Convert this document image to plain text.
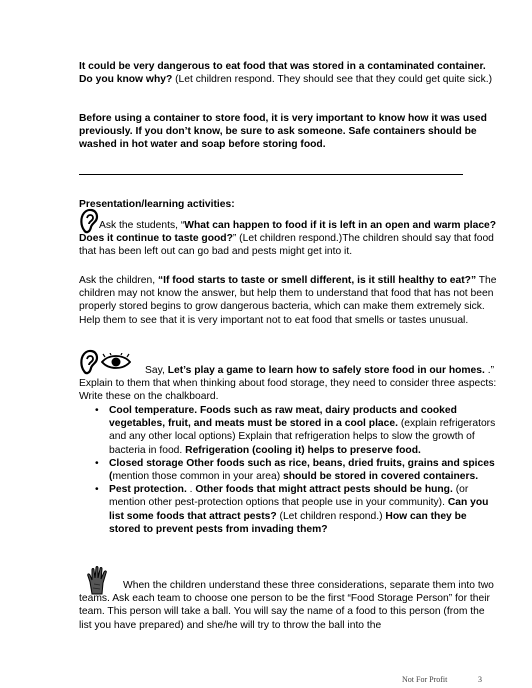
It could be very dangerous to eat food that was stored in a contaminated container. Do you know why? (Let children respond. They should see that they could get quite sick.)

Before using a container to store food, it is very important to know how it was used previously. If you don’t know, be sure to ask someone. Safe containers should be washed in hot water and soap before storing food.

Presentation/learning activities:

Ask the students, “What can happen to food if it is left in an open and warm place? Does it continue to taste good?” (Let children respond.)The children should say that food that has been left out can go bad and pests might get into it.

Ask the children, “If food starts to taste or smell different, is it still healthy to eat?” The children may not know the answer, but help them to understand that food that has not been properly stored begins to grow dangerous bacteria, which can make them extremely sick. Help them to see that it is very important not to eat food that smells or tastes unusual.

Say, Let’s play a game to learn how to safely store food in our homes. .” Explain to them that when thinking about food storage, they need to consider three aspects: Write these on the chalkboard.

• Cool temperature. Foods such as raw meat, dairy products and cooked vegetables, fruit, and meats must be stored in a cool place. (explain refrigerators and any other local options) Explain that refrigeration helps to slow the growth of bacteria in food. Refrigeration (cooling it) helps to preserve food.
• Closed storage Other foods such as rice, beans, dried fruits, grains and spices (mention those common in your area) should be stored in covered containers.
• Pest protection. . Other foods that might attract pests should be hung. (or mention other pest-protection options that people use in your community). Can you list some foods that attract pests? (Let children respond.) How can they be stored to prevent pests from invading them?

When the children understand these three considerations, separate them into two teams. Ask each team to choose one person to be the first “Food Storage Person” for their team. This person will take a ball. You will say the name of a food to this person (from the list you have prepared) and she/he will try to throw the ball into the

Not For Profit	3
